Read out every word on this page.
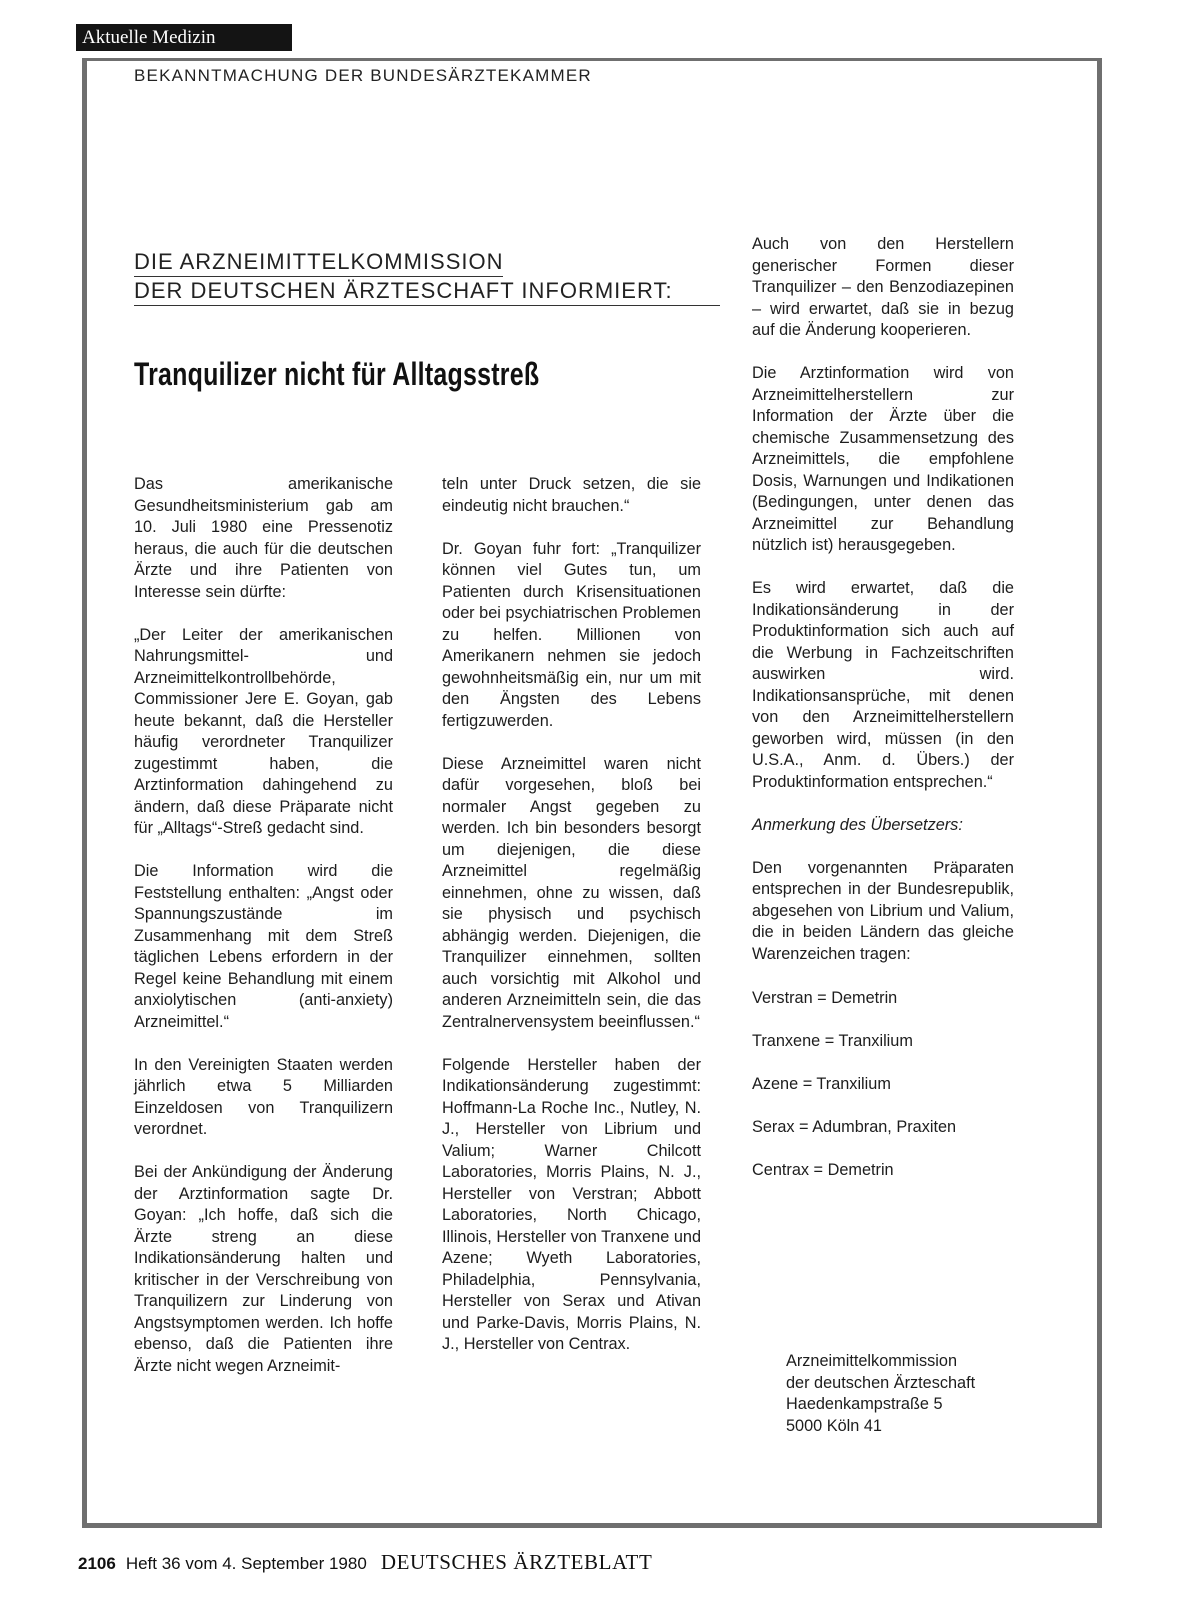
Aktuelle Medizin
BEKANNTMACHUNG DER BUNDESÄRZTEKAMMER
DIE ARZNEIMITTELKOMMISSION
DER DEUTSCHEN ÄRZTESCHAFT INFORMIERT:
Tranquilizer nicht für Alltagsstreß

Das amerikanische Gesundheitsministerium gab am 10. Juli 1980 eine Pressenotiz heraus, die auch für die deutschen Ärzte und ihre Patienten von Interesse sein dürfte:

„Der Leiter der amerikanischen Nahrungsmittel- und Arzneimittelkontrollbehörde, Commissioner Jere E. Goyan, gab heute bekannt, daß die Hersteller häufig verordneter Tranquilizer zugestimmt haben, die Arztinformation dahingehend zu ändern, daß diese Präparate nicht für „Alltags“-Streß gedacht sind.

Die Information wird die Feststellung enthalten: „Angst oder Spannungszustände im Zusammenhang mit dem Streß täglichen Lebens erfordern in der Regel keine Behandlung mit einem anxiolytischen (anti-anxiety) Arzneimittel.“

In den Vereinigten Staaten werden jährlich etwa 5 Milliarden Einzeldosen von Tranquilizern verordnet.

Bei der Ankündigung der Änderung der Arztinformation sagte Dr. Goyan: „Ich hoffe, daß sich die Ärzte streng an diese Indikationsänderung halten und kritischer in der Verschreibung von Tranquilizern zur Linderung von Angstsymptomen werden. Ich hoffe ebenso, daß die Patienten ihre Ärzte nicht wegen Arzneimit-

teln unter Druck setzen, die sie eindeutig nicht brauchen.“

Dr. Goyan fuhr fort: „Tranquilizer können viel Gutes tun, um Patienten durch Krisensituationen oder bei psychiatrischen Problemen zu helfen. Millionen von Amerikanern nehmen sie jedoch gewohnheitsmäßig ein, nur um mit den Ängsten des Lebens fertigzuwerden.

Diese Arzneimittel waren nicht dafür vorgesehen, bloß bei normaler Angst gegeben zu werden. Ich bin besonders besorgt um diejenigen, die diese Arzneimittel regelmäßig einnehmen, ohne zu wissen, daß sie physisch und psychisch abhängig werden. Diejenigen, die Tranquilizer einnehmen, sollten auch vorsichtig mit Alkohol und anderen Arzneimitteln sein, die das Zentralnervensystem beeinflussen.“

Folgende Hersteller haben der Indikationsänderung zugestimmt: Hoffmann-La Roche Inc., Nutley, N. J., Hersteller von Librium und Valium; Warner Chilcott Laboratories, Morris Plains, N. J., Hersteller von Verstran; Abbott Laboratories, North Chicago, Illinois, Hersteller von Tranxene und Azene; Wyeth Laboratories, Philadelphia, Pennsylvania, Hersteller von Serax und Ativan und Parke-Davis, Morris Plains, N. J., Hersteller von Centrax.

Auch von den Herstellern generischer Formen dieser Tranquilizer – den Benzodiazepinen – wird erwartet, daß sie in bezug auf die Änderung kooperieren.

Die Arztinformation wird von Arzneimittelherstellern zur Information der Ärzte über die chemische Zusammensetzung des Arzneimittels, die empfohlene Dosis, Warnungen und Indikationen (Bedingungen, unter denen das Arzneimittel zur Behandlung nützlich ist) herausgegeben.

Es wird erwartet, daß die Indikationsänderung in der Produktinformation sich auch auf die Werbung in Fachzeitschriften auswirken wird. Indikationsansprüche, mit denen von den Arzneimittelherstellern geworben wird, müssen (in den U.S.A., Anm. d. Übers.) der Produktinformation entsprechen.“

Anmerkung des Übersetzers:

Den vorgenannten Präparaten entsprechen in der Bundesrepublik, abgesehen von Librium und Valium, die in beiden Ländern das gleiche Warenzeichen tragen:

Verstran = Demetrin
Tranxene = Tranxilium
Azene = Tranxilium
Serax = Adumbran, Praxiten
Centrax = Demetrin
Arzneimittelkommission
der deutschen Ärzteschaft
Haedenkampstraße 5
5000 Köln 41
2106 Heft 36 vom 4. September 1980 DEUTSCHES ÄRZTEBLATT
